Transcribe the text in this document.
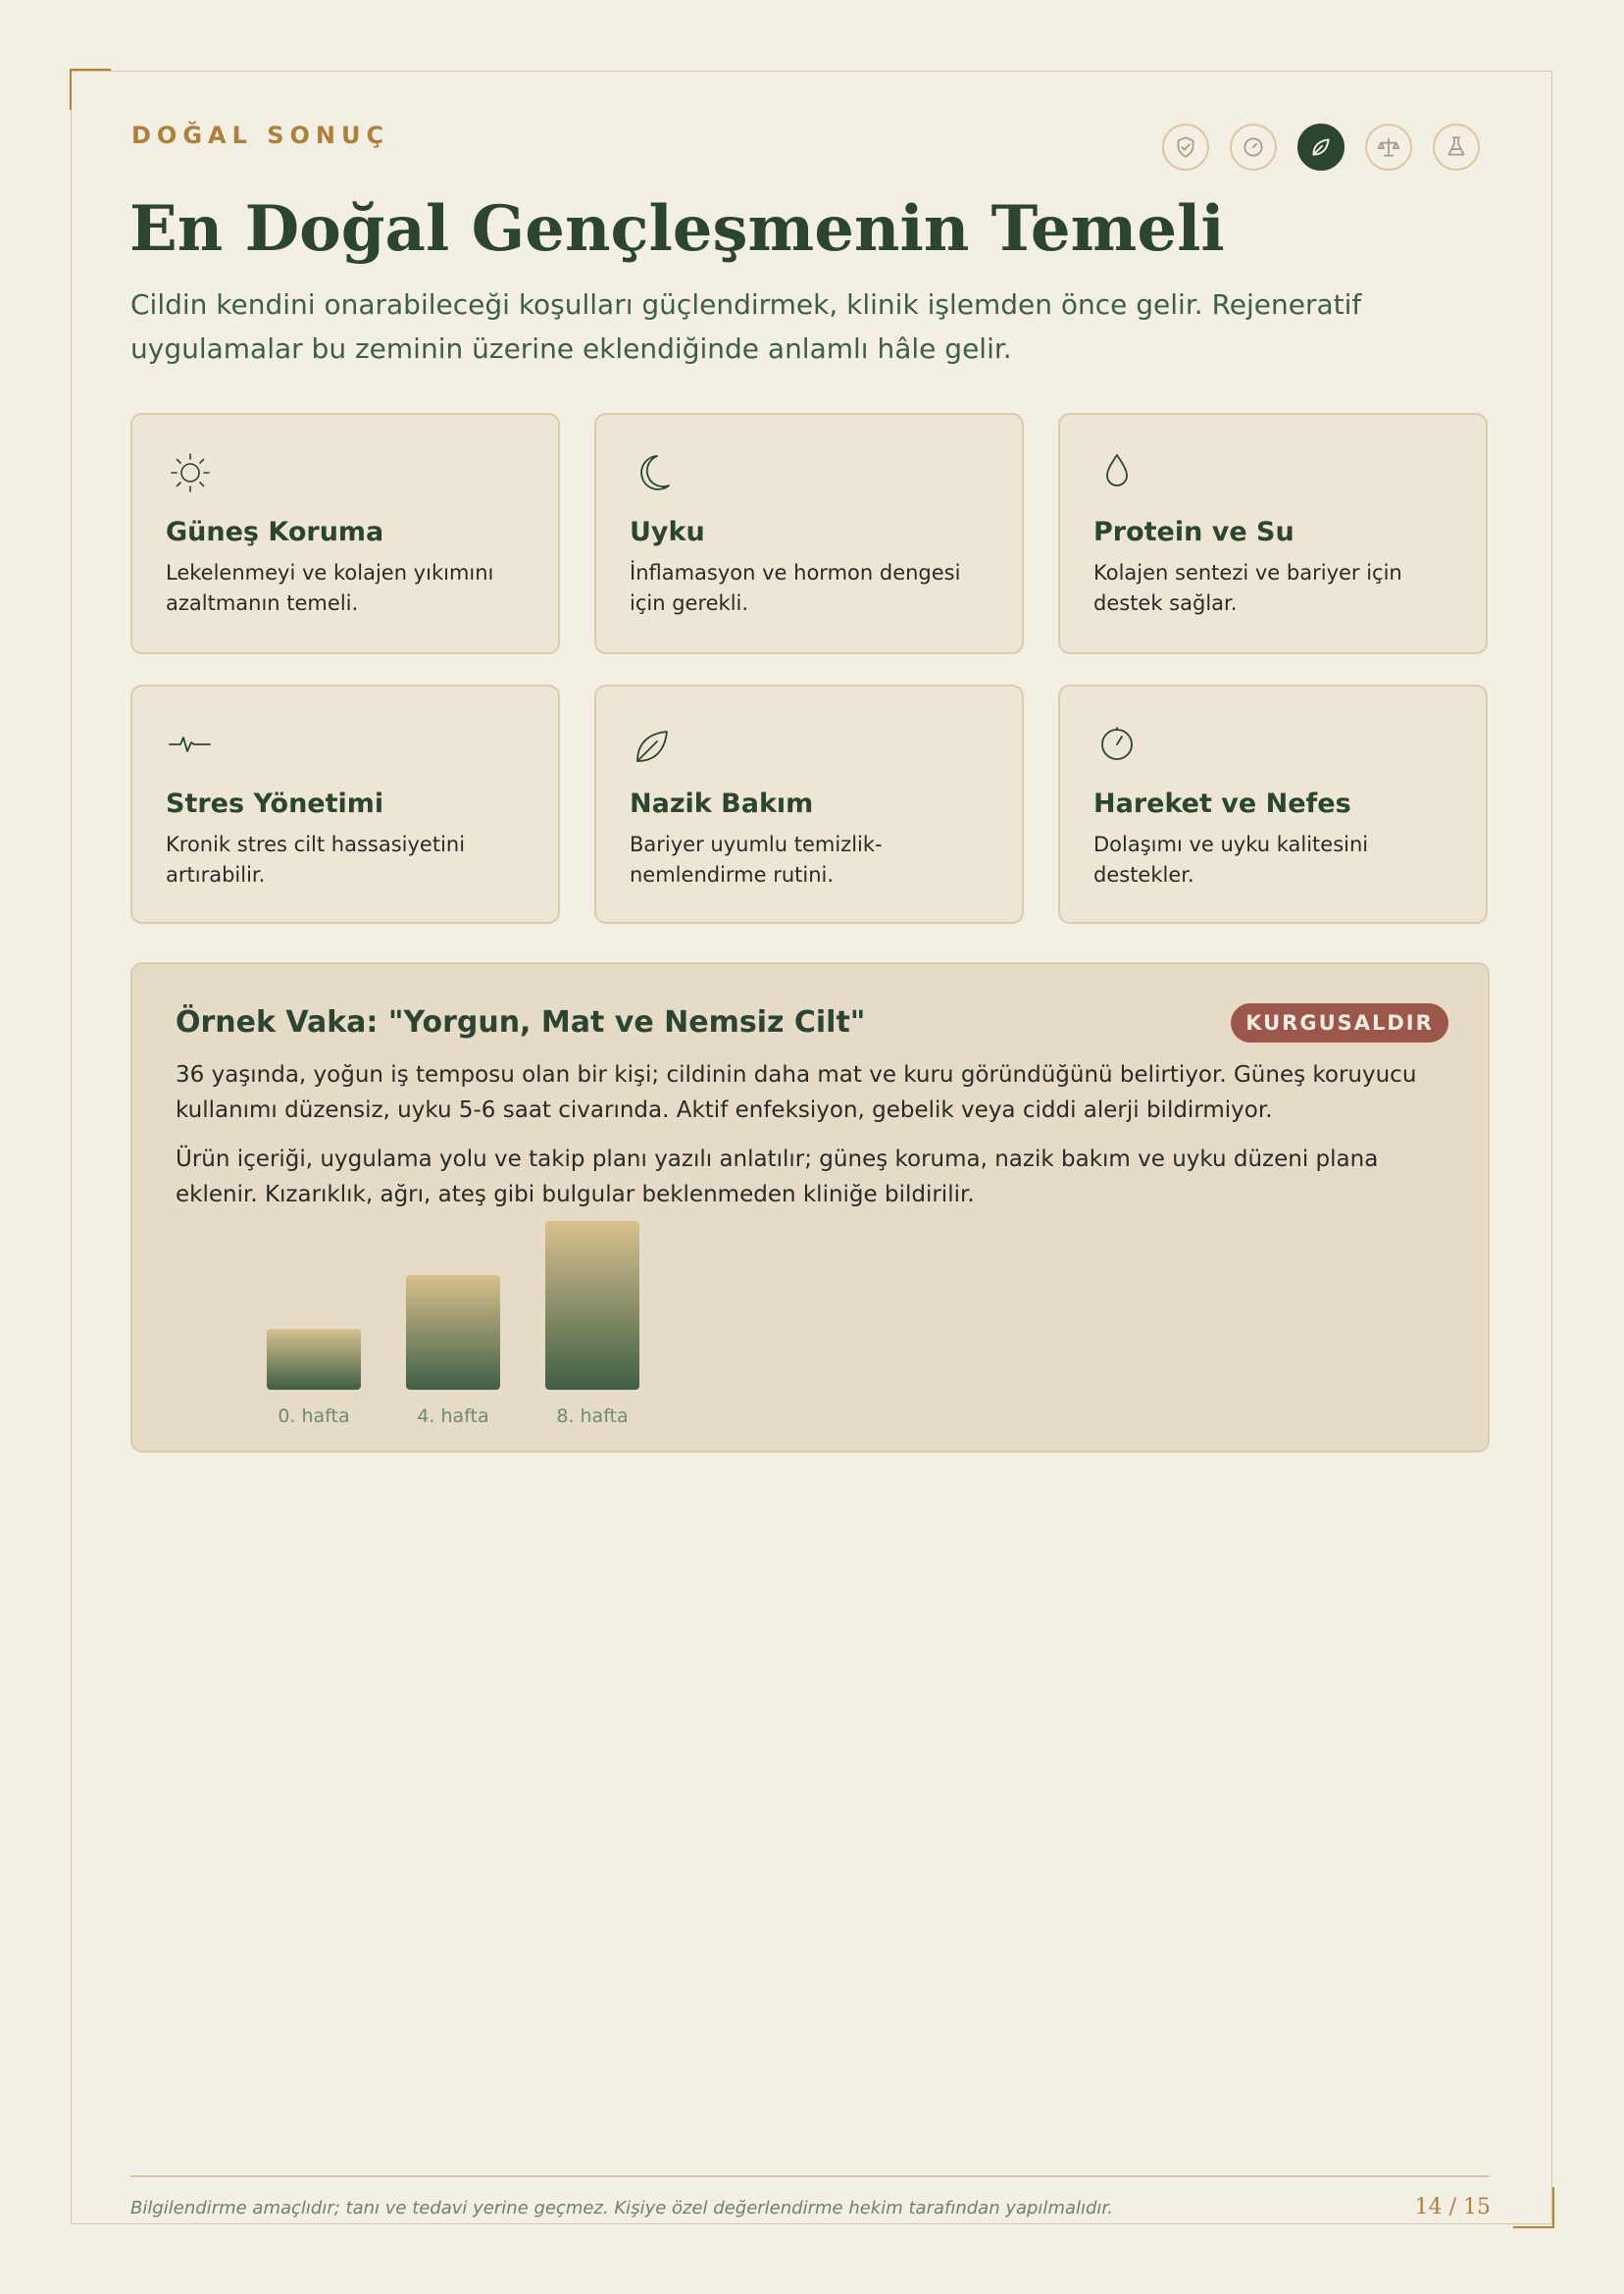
DOĞAL SONUÇ
En Doğal Gençleşmenin Temeli

Cildin kendini onarabileceği koşulları güçlendirmek, klinik işlemden önce gelir. Rejeneratif uygulamalar bu zeminin üzerine eklendiğinde anlamlı hâle gelir.

Güneş Koruma

Lekelenmeyi ve kolajen yıkımını azaltmanın temeli.

Uyku

İnflamasyon ve hormon dengesi için gerekli.

Protein ve Su

Kolajen sentezi ve bariyer için destek sağlar.

Stres Yönetimi

Kronik stres cilt hassasiyetini artırabilir.

Nazik Bakım

Bariyer uyumlu temizlik-nemlendirme rutini.

Hareket ve Nefes

Dolaşımı ve uyku kalitesini destekler.

Örnek Vaka: "Yorgun, Mat ve Nemsiz Cilt"	KURGUSALDIR

36 yaşında, yoğun iş temposu olan bir kişi; cildinin daha mat ve kuru göründüğünü belirtiyor. Güneş koruyucu kullanımı düzensiz, uyku 5-6 saat civarında. Aktif enfeksiyon, gebelik veya ciddi alerji bildirmiyor.

Ürün içeriği, uygulama yolu ve takip planı yazılı anlatılır; güneş koruma, nazik bakım ve uyku düzeni plana eklenir. Kızarıklık, ağrı, ateş gibi bulgular beklenmeden kliniğe bildirilir.

0. hafta	4. hafta	8. hafta
Bilgilendirme amaçlıdır; tanı ve tedavi yerine geçmez. Kişiye özel değerlendirme hekim tarafından yapılmalıdır.	14 / 15
